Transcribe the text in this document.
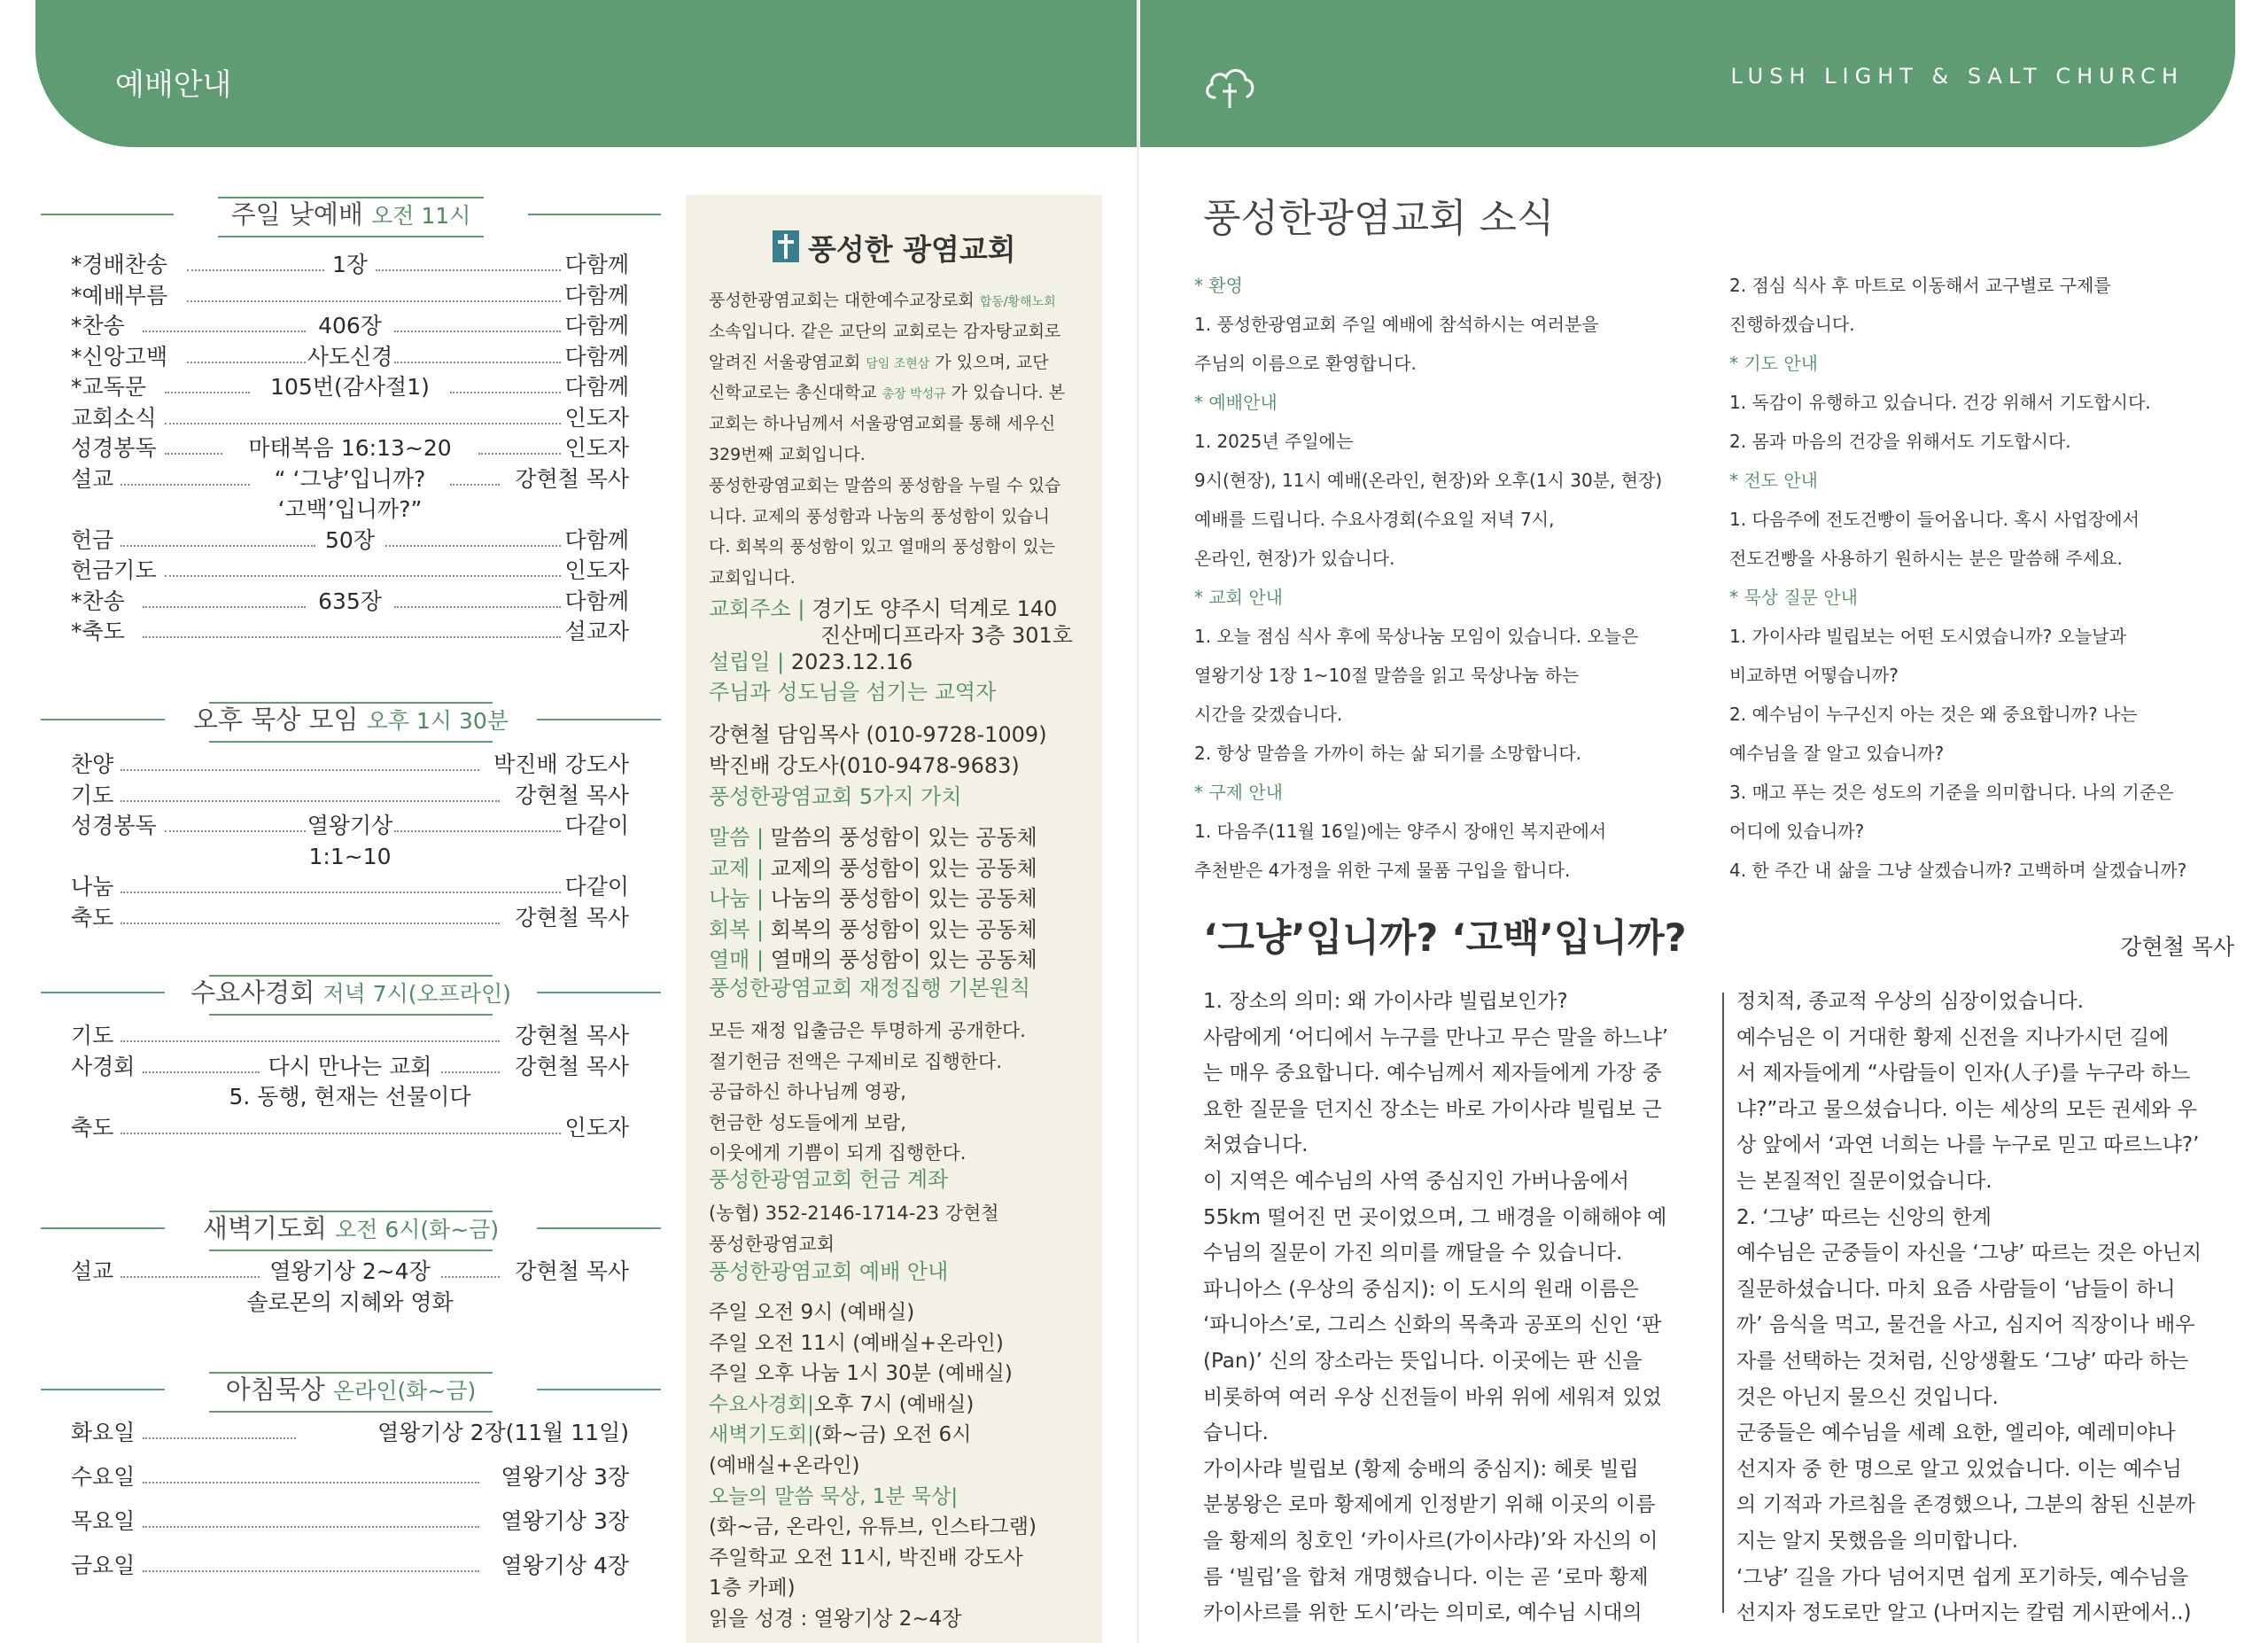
예배안내	LUSH LIGHT & SALT CHURCH
주일 낮예배 오전 11시
*경배찬송	1장	다함께
*예배부름	다함께
*찬송	406장	다함께
*신앙고백	사도신경	다함께
*교독문	105번(감사절1)	다함께
교회소식	인도자
성경봉독	마태복음 16:13~20	인도자
설교	“ ‘그냥’입니까?	강현철 목사
‘고백’입니까?”
헌금	50장	다함께
헌금기도	인도자
*찬송	635장	다함께
*축도	설교자
오후 묵상 모임 오후 1시 30분
찬양	박진배 강도사
기도	강현철 목사
성경봉독	열왕기상	다같이
1:1~10
나눔	다같이
축도	강현철 목사
수요사경회 저녁 7시(오프라인)
기도	강현철 목사
사경회	다시 만나는 교회	강현철 목사
5. 동행, 현재는 선물이다
축도	인도자
새벽기도회 오전 6시(화~금)
설교	열왕기상 2~4장	강현철 목사
솔로몬의 지혜와 영화
아침묵상 온라인(화~금)
화요일	열왕기상 2장(11월 11일)
수요일	열왕기상 3장
목요일	열왕기상 3장
금요일	열왕기상 4장
풍성한 광염교회
풍성한광염교회는 대한예수교장로회 합동/황해노회
소속입니다. 같은 교단의 교회로는 감자탕교회로
알려진 서울광염교회 담임 조현삼 가 있으며, 교단
신학교로는 총신대학교 총장 박성규 가 있습니다. 본
교회는 하나님께서 서울광염교회를 통해 세우신
329번째 교회입니다.
풍성한광염교회는 말씀의 풍성함을 누릴 수 있습
니다. 교제의 풍성함과 나눔의 풍성함이 있습니
다. 회복의 풍성함이 있고 열매의 풍성함이 있는
교회입니다.
교회주소 | 경기도 양주시 덕계로 140
진산메디프라자 3층 301호
설립일 | 2023.12.16
주님과 성도님을 섬기는 교역자
강현철 담임목사 (010-9728-1009)
박진배 강도사(010-9478-9683)
풍성한광염교회 5가지 가치
말씀 | 말씀의 풍성함이 있는 공동체
교제 | 교제의 풍성함이 있는 공동체
나눔 | 나눔의 풍성함이 있는 공동체
회복 | 회복의 풍성함이 있는 공동체
열매 | 열매의 풍성함이 있는 공동체
풍성한광염교회 재정집행 기본원칙
모든 재정 입출금은 투명하게 공개한다.
절기헌금 전액은 구제비로 집행한다.
공급하신 하나님께 영광,
헌금한 성도들에게 보람,
이웃에게 기쁨이 되게 집행한다.
풍성한광염교회 헌금 계좌
(농협) 352-2146-1714-23 강현철
풍성한광염교회
풍성한광염교회 예배 안내
주일 오전 9시 (예배실)
주일 오전 11시 (예배실+온라인)
주일 오후 나눔 1시 30분 (예배실)
수요사경회|오후 7시 (예배실)
새벽기도회|(화~금) 오전 6시
(예배실+온라인)
오늘의 말씀 묵상, 1분 묵상|
(화~금, 온라인, 유튜브, 인스타그램)
주일학교 오전 11시, 박진배 강도사
1층 카페)
읽을 성경 : 열왕기상 2~4장
풍성한광염교회 소식
* 환영
1. 풍성한광염교회 주일 예배에 참석하시는 여러분을
주님의 이름으로 환영합니다.
* 예배안내
1. 2025년 주일에는
9시(현장), 11시 예배(온라인, 현장)와 오후(1시 30분, 현장)
예배를 드립니다. 수요사경회(수요일 저녁 7시,
온라인, 현장)가 있습니다.
* 교회 안내
1. 오늘 점심 식사 후에 묵상나눔 모임이 있습니다. 오늘은
열왕기상 1장 1~10절 말씀을 읽고 묵상나눔 하는
시간을 갖겠습니다.
2. 항상 말씀을 가까이 하는 삶 되기를 소망합니다.
* 구제 안내
1. 다음주(11월 16일)에는 양주시 장애인 복지관에서
추천받은 4가정을 위한 구제 물품 구입을 합니다.
2. 점심 식사 후 마트로 이동해서 교구별로 구제를
진행하겠습니다.
* 기도 안내
1. 독감이 유행하고 있습니다. 건강 위해서 기도합시다.
2. 몸과 마음의 건강을 위해서도 기도합시다.
* 전도 안내
1. 다음주에 전도건빵이 들어옵니다. 혹시 사업장에서
전도건빵을 사용하기 원하시는 분은 말씀해 주세요.
* 묵상 질문 안내
1. 가이사랴 빌립보는 어떤 도시였습니까? 오늘날과
비교하면 어떻습니까?
2. 예수님이 누구신지 아는 것은 왜 중요합니까? 나는
예수님을 잘 알고 있습니까?
3. 매고 푸는 것은 성도의 기준을 의미합니다. 나의 기준은
어디에 있습니까?
4. 한 주간 내 삶을 그냥 살겠습니까? 고백하며 살겠습니까?
‘그냥’입니까? ‘고백’입니까?	강현철 목사
1. 장소의 의미: 왜 가이사랴 빌립보인가?
사람에게 ‘어디에서 누구를 만나고 무슨 말을 하느냐’
는 매우 중요합니다. 예수님께서 제자들에게 가장 중
요한 질문을 던지신 장소는 바로 가이사랴 빌립보 근
처였습니다.
이 지역은 예수님의 사역 중심지인 가버나움에서
55km 떨어진 먼 곳이었으며, 그 배경을 이해해야 예
수님의 질문이 가진 의미를 깨달을 수 있습니다.
파니아스 (우상의 중심지): 이 도시의 원래 이름은
‘파니아스’로, 그리스 신화의 목축과 공포의 신인 ‘판
(Pan)’ 신의 장소라는 뜻입니다. 이곳에는 판 신을
비롯하여 여러 우상 신전들이 바위 위에 세워져 있었
습니다.
가이사랴 빌립보 (황제 숭배의 중심지): 헤롯 빌립
분봉왕은 로마 황제에게 인정받기 위해 이곳의 이름
을 황제의 칭호인 ‘카이사르(가이사랴)’와 자신의 이
름 ‘빌립’을 합쳐 개명했습니다. 이는 곧 ‘로마 황제
카이사르를 위한 도시’라는 의미로, 예수님 시대의
정치적, 종교적 우상의 심장이었습니다.
예수님은 이 거대한 황제 신전을 지나가시던 길에
서 제자들에게 “사람들이 인자(人子)를 누구라 하느
냐?”라고 물으셨습니다. 이는 세상의 모든 권세와 우
상 앞에서 ‘과연 너희는 나를 누구로 믿고 따르느냐?’
는 본질적인 질문이었습니다.
2. ‘그냥’ 따르는 신앙의 한계
예수님은 군중들이 자신을 ‘그냥’ 따르는 것은 아닌지
질문하셨습니다. 마치 요즘 사람들이 ‘남들이 하니
까’ 음식을 먹고, 물건을 사고, 심지어 직장이나 배우
자를 선택하는 것처럼, 신앙생활도 ‘그냥’ 따라 하는
것은 아닌지 물으신 것입니다.
군중들은 예수님을 세례 요한, 엘리야, 예레미야나
선지자 중 한 명으로 알고 있었습니다. 이는 예수님
의 기적과 가르침을 존경했으나, 그분의 참된 신분까
지는 알지 못했음을 의미합니다.
‘그냥’ 길을 가다 넘어지면 쉽게 포기하듯, 예수님을
선지자 정도로만 알고 (나머지는 칼럼 게시판에서..)
